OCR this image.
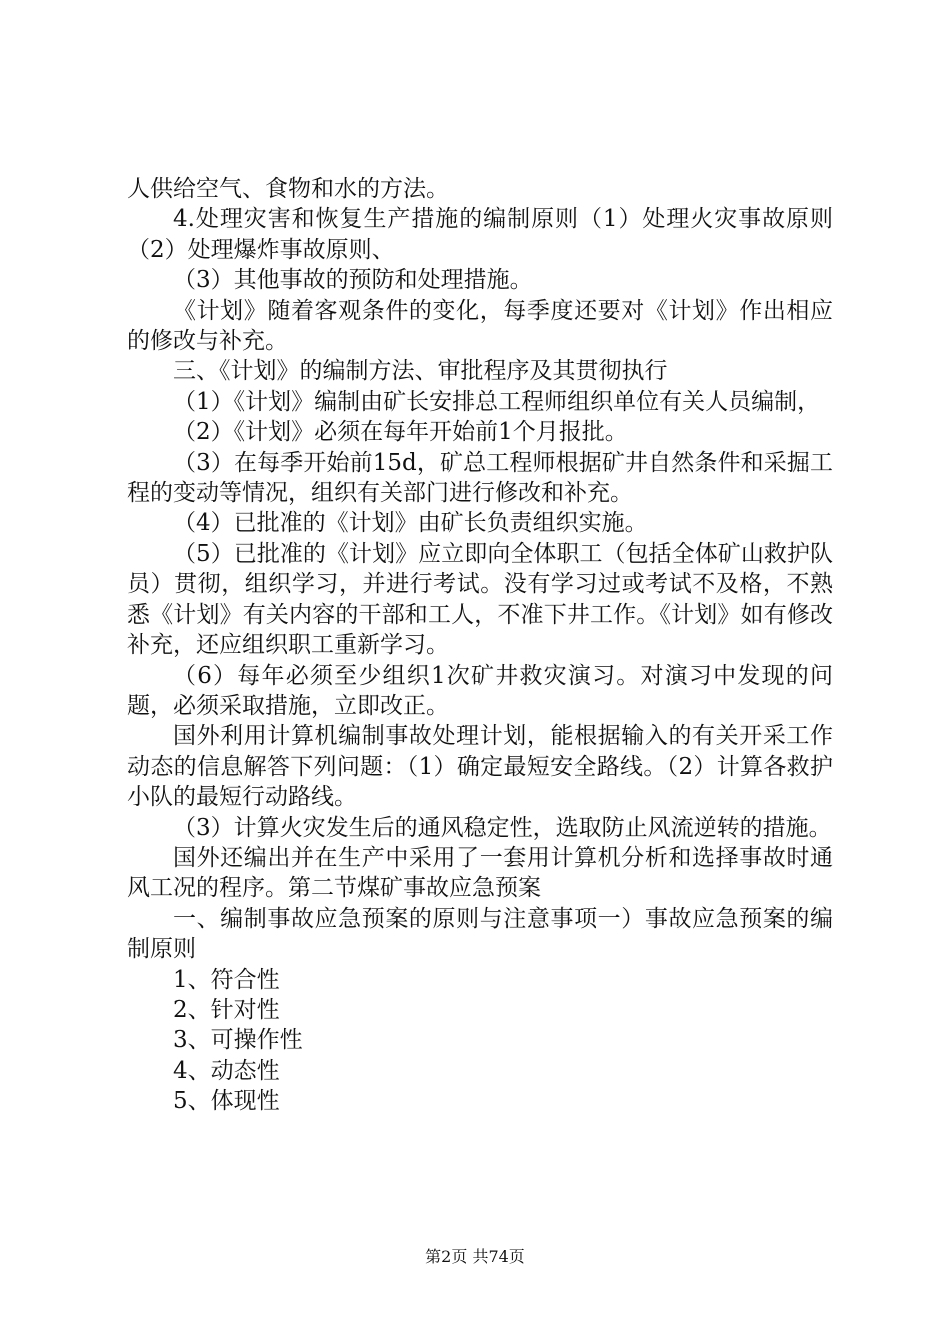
人供给空气、食物和水的方法。

4.处理灾害和恢复生产措施的编制原则（1）处理火灾事故原则（2）处理爆炸事故原则、

（3）其他事故的预防和处理措施。

《计划》随着客观条件的变化，每季度还要对《计划》作出相应的修改与补充。

三、《计划》的编制方法、审批程序及其贯彻执行

（1）《计划》编制由矿长安排总工程师组织单位有关人员编制，

（2）《计划》必须在每年开始前1个月报批。

（3）在每季开始前15d，矿总工程师根据矿井自然条件和采掘工程的变动等情况，组织有关部门进行修改和补充。

（4）已批准的《计划》由矿长负责组织实施。

（5）已批准的《计划》应立即向全体职工（包括全体矿山救护队员）贯彻，组织学习，并进行考试。没有学习过或考试不及格，不熟悉《计划》有关内容的干部和工人，不准下井工作。《计划》如有修改补充，还应组织职工重新学习。

（6）每年必须至少组织1次矿井救灾演习。对演习中发现的问题，必须采取措施，立即改正。

国外利用计算机编制事故处理计划，能根据输入的有关开采工作动态的信息解答下列问题：（1）确定最短安全路线。（2）计算各救护小队的最短行动路线。

（3）计算火灾发生后的通风稳定性，选取防止风流逆转的措施。

国外还编出并在生产中采用了一套用计算机分析和选择事故时通风工况的程序。第二节煤矿事故应急预案

一、编制事故应急预案的原则与注意事项一）事故应急预案的编制原则

1、符合性

2、针对性

3、可操作性

4、动态性

5、体现性

第2页 共74页
